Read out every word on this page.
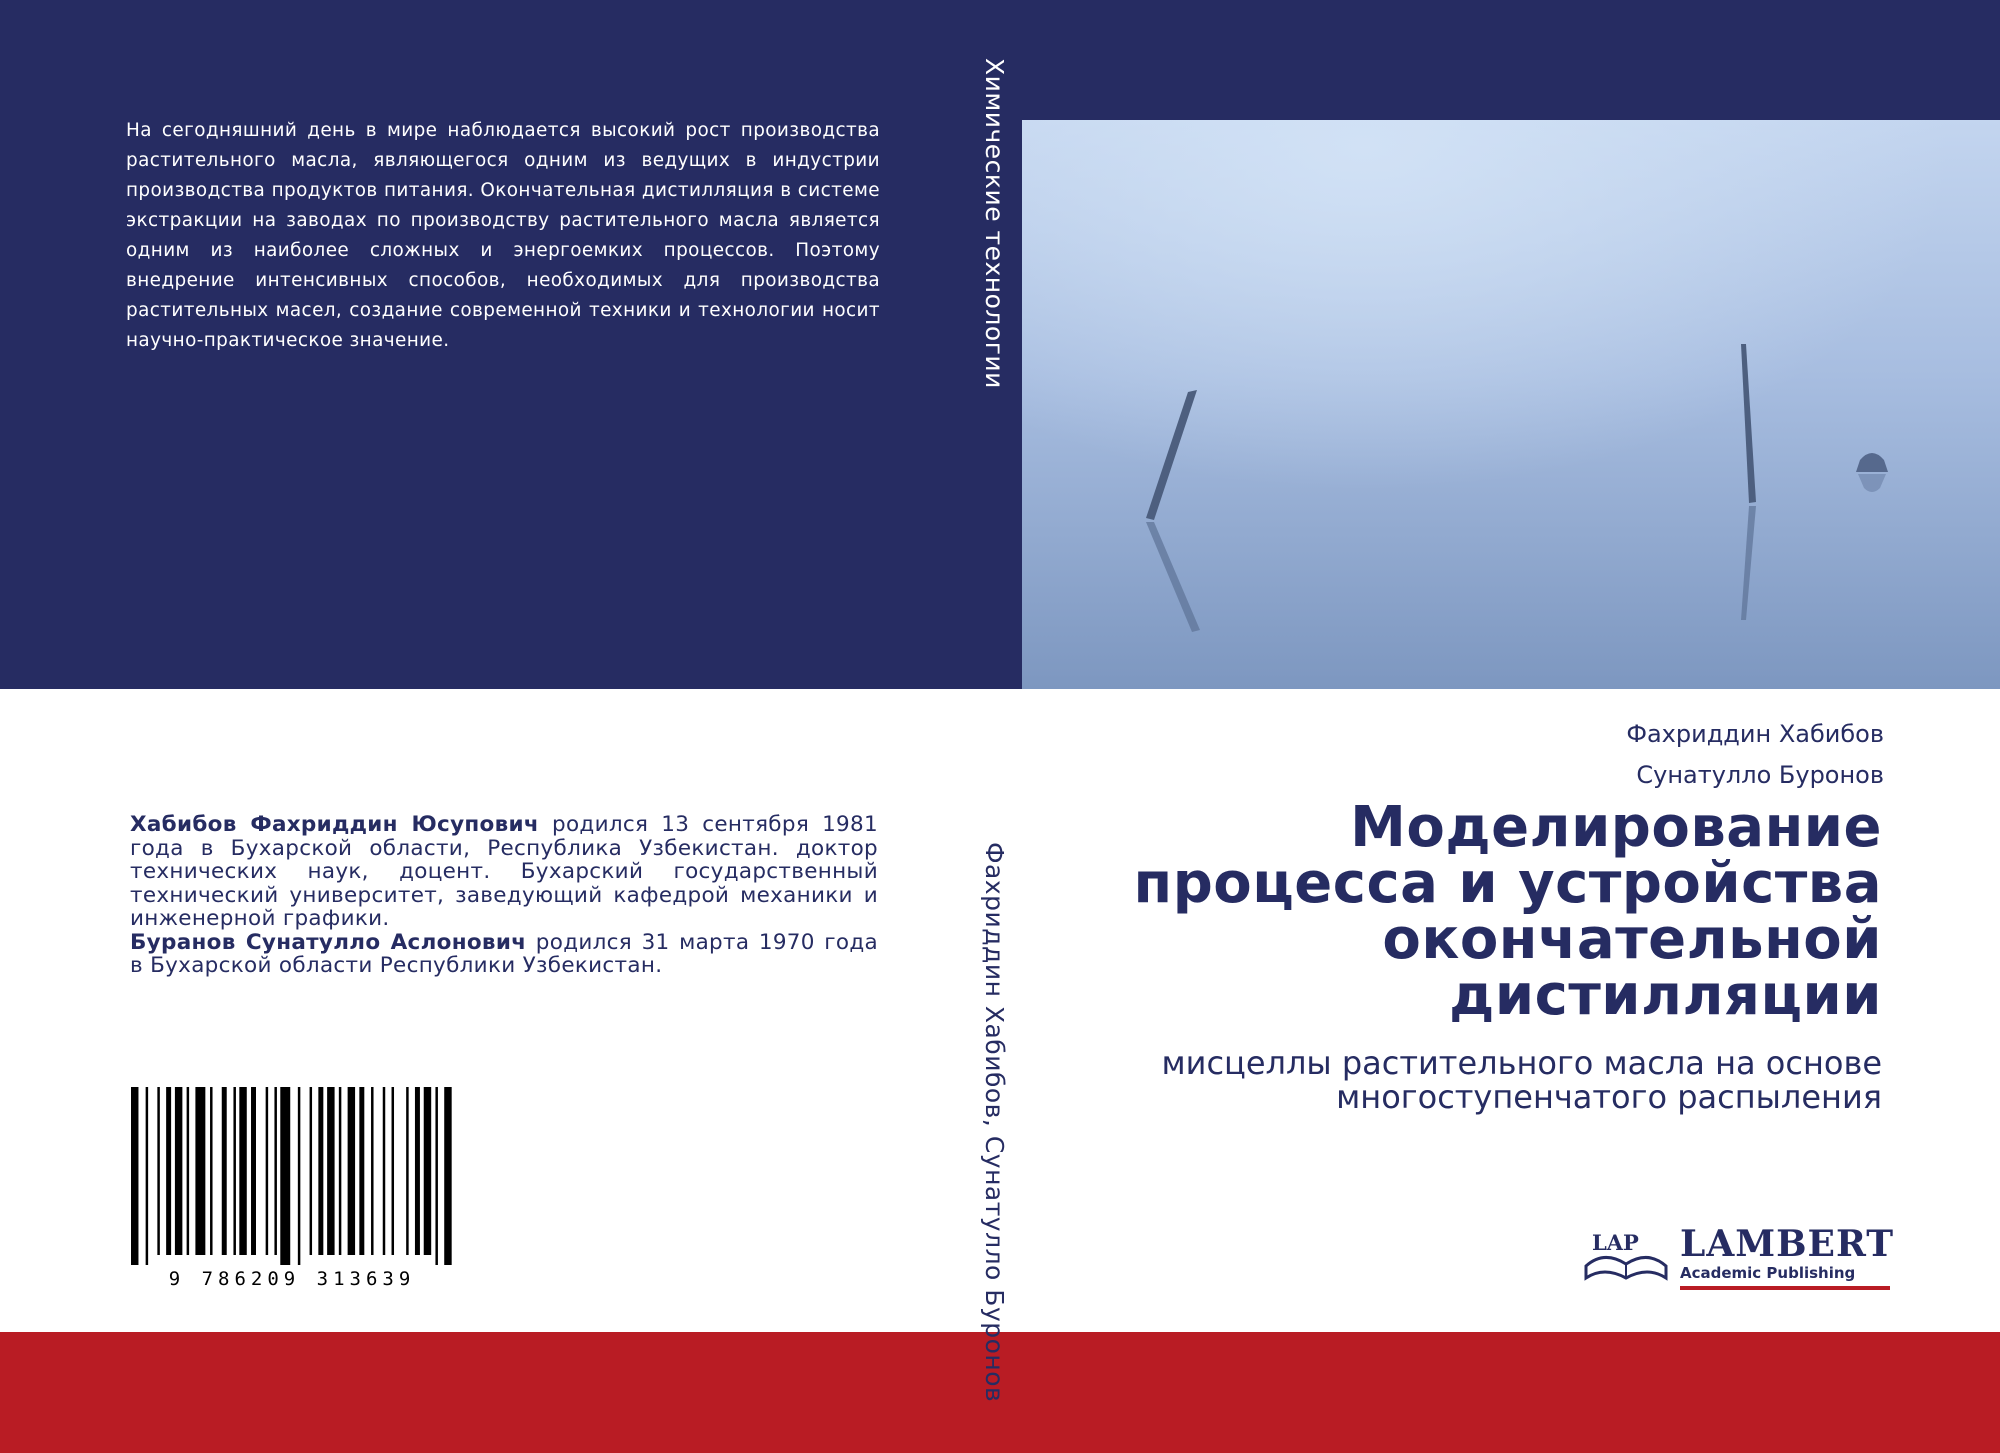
На сегодняшний день в мире наблюдается высокий рост производства растительного масла, являющегося одним из ведущих в индустрии производства продуктов питания. Окончательная дистилляция в системе экстракции на заводах по производству растительного масла является одним из наиболее сложных и энергоемких процессов. Поэтому внедрение интенсивных способов, необходимых для производства растительных масел, создание современной техники и технологии носит научно-практическое значение.	Химические технологии
Фахриддин Хабибов, Сунатулло Буронов

Хабибов Фахриддин Юсупович родился 13 сентября 1981 года в Бухарской области, Республика Узбекистан. доктор технических наук, доцент. Бухарский государственный технический университет, заведующий кафедрой механики и инженерной графики.

Буранов Сунатулло Аслонович родился 31 марта 1970 года в Бухарской области Республики Узбекистан.

9 786209 313639
Фахриддин Хабибов
Сунатулло Буронов
Моделирование процесса и устройства окончательной дистилляции
мисцеллы растительного масла на основе многоступенчатого распыления
LAP LAMBERT
Academic Publishing
